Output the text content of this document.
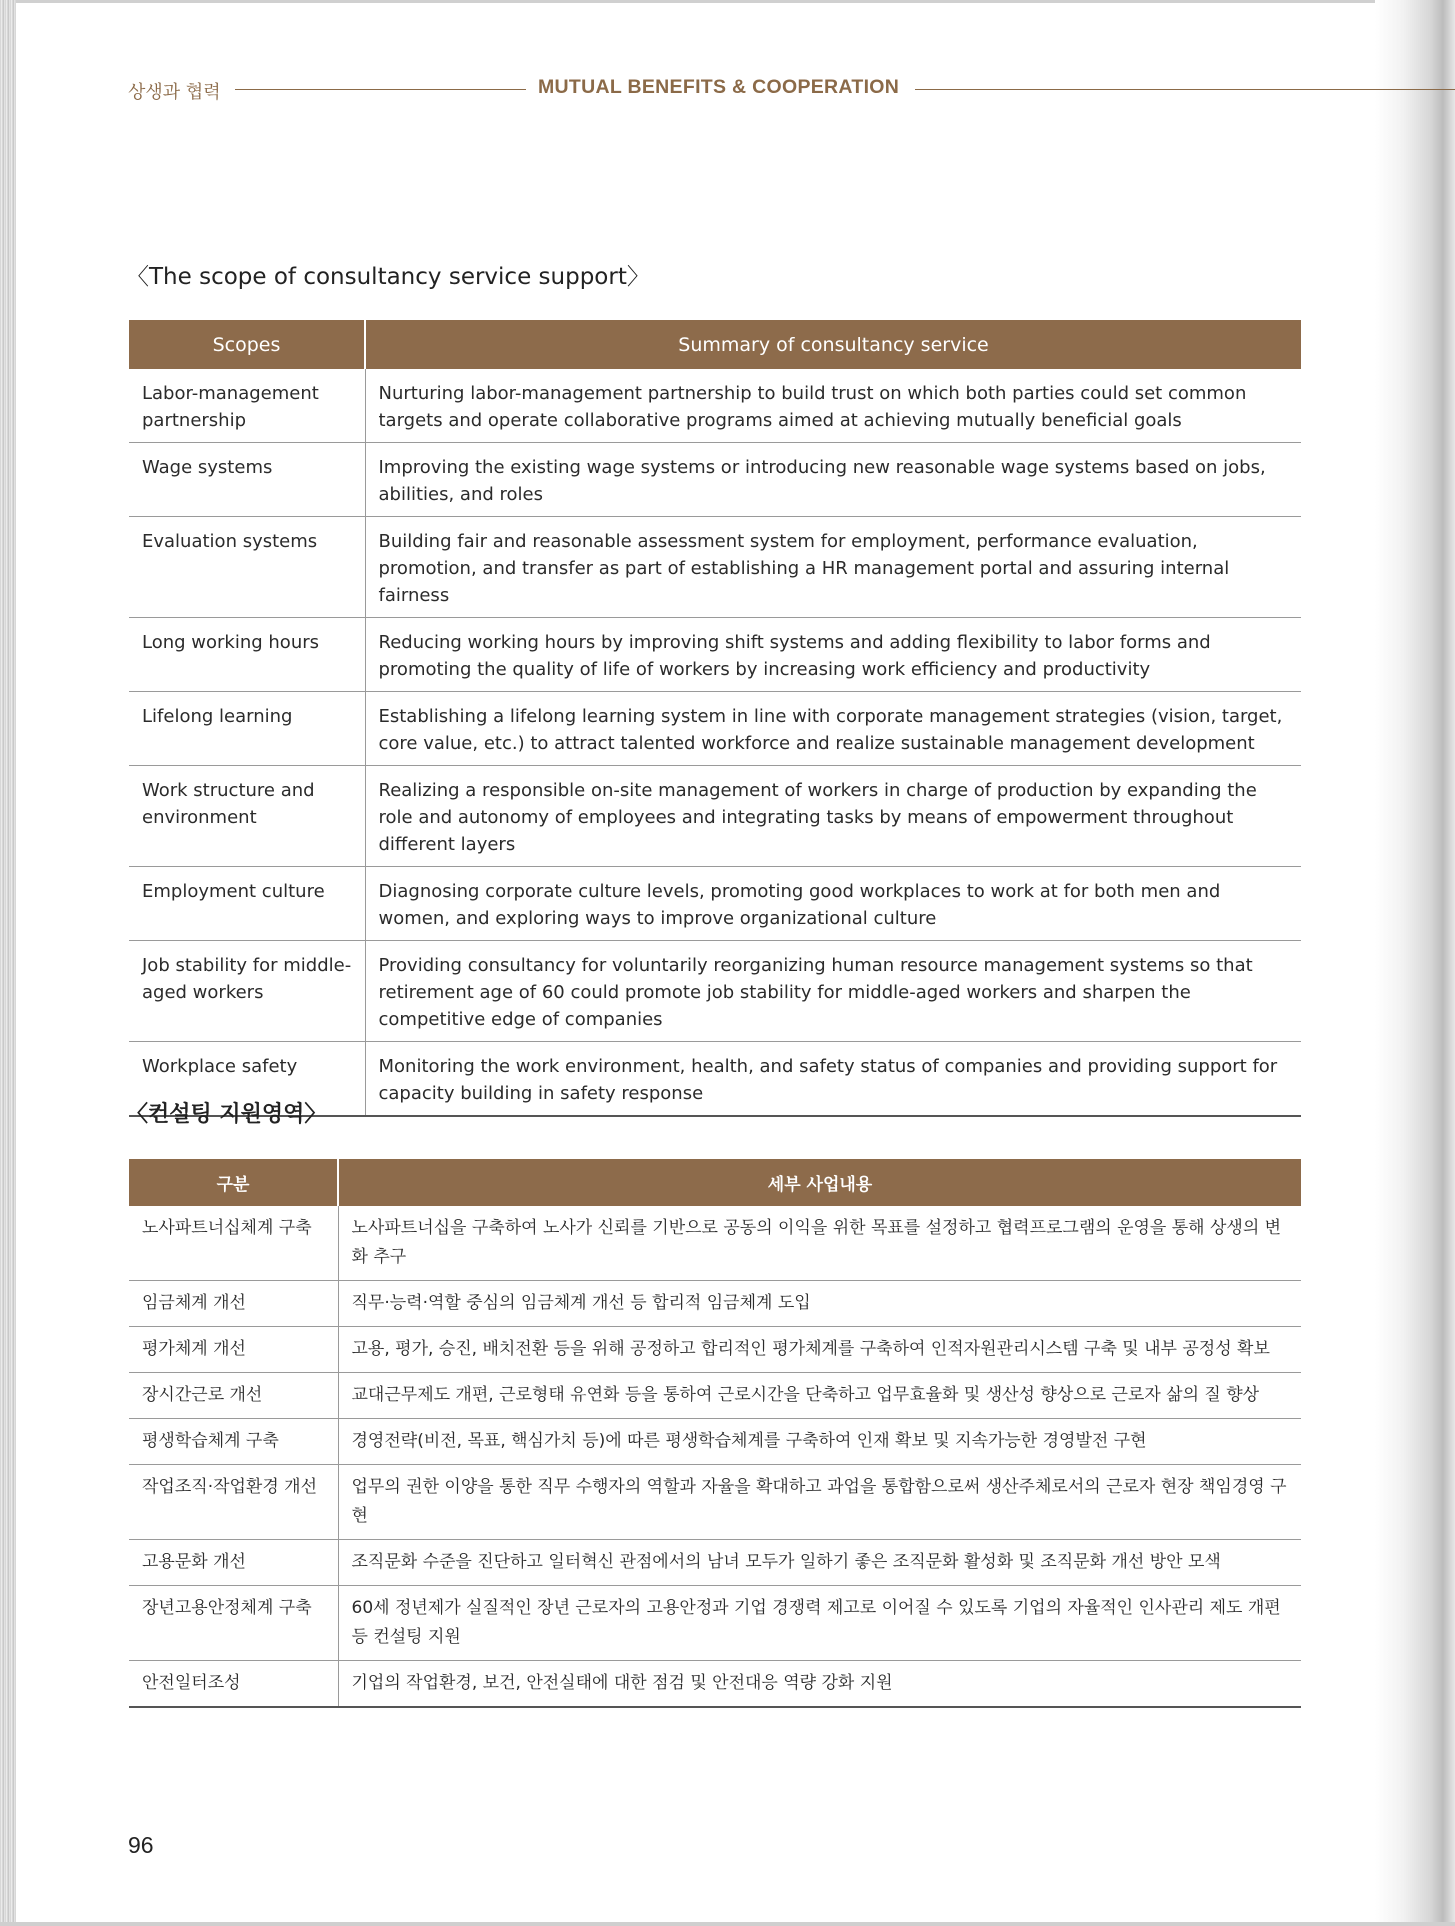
상생과 협력	MUTUAL BENEFITS & COOPERATION
〈The scope of consultancy service support〉
Scopes	Summary of consultancy service
Labor-management partnership	Nurturing labor-management partnership to build trust on which both parties could set common targets and operate collaborative programs aimed at achieving mutually beneficial goals
Wage systems	Improving the existing wage systems or introducing new reasonable wage systems based on jobs, abilities, and roles
Evaluation systems	Building fair and reasonable assessment system for employment, performance evaluation, promotion, and transfer as part of establishing a HR management portal and assuring internal fairness
Long working hours	Reducing working hours by improving shift systems and adding flexibility to labor forms and promoting the quality of life of workers by increasing work efficiency and productivity
Lifelong learning	Establishing a lifelong learning system in line with corporate management strategies (vision, target, core value, etc.) to attract talented workforce and realize sustainable management development
Work structure and environment	Realizing a responsible on-site management of workers in charge of production by expanding the role and autonomy of employees and integrating tasks by means of empowerment throughout different layers
Employment culture	Diagnosing corporate culture levels, promoting good workplaces to work at for both men and women, and exploring ways to improve organizational culture
Job stability for middle-aged workers	Providing consultancy for voluntarily reorganizing human resource management systems so that retirement age of 60 could promote job stability for middle-aged workers and sharpen the competitive edge of companies
Workplace safety	Monitoring the work environment, health, and safety status of companies and providing support for capacity building in safety response
〈컨설팅 지원영역〉
구분	세부 사업내용
노사파트너십체계 구축	노사파트너십을 구축하여 노사가 신뢰를 기반으로 공동의 이익을 위한 목표를 설정하고 협력프로그램의 운영을 통해 상생의 변화 추구
임금체계 개선	직무·능력·역할 중심의 임금체계 개선 등 합리적 임금체계 도입
평가체계 개선	고용, 평가, 승진, 배치전환 등을 위해 공정하고 합리적인 평가체계를 구축하여 인적자원관리시스템 구축 및 내부 공정성 확보
장시간근로 개선	교대근무제도 개편, 근로형태 유연화 등을 통하여 근로시간을 단축하고 업무효율화 및 생산성 향상으로 근로자 삶의 질 향상
평생학습체계 구축	경영전략(비전, 목표, 핵심가치 등)에 따른 평생학습체계를 구축하여 인재 확보 및 지속가능한 경영발전 구현
작업조직·작업환경 개선	업무의 권한 이양을 통한 직무 수행자의 역할과 자율을 확대하고 과업을 통합함으로써 생산주체로서의 근로자 현장 책임경영 구현
고용문화 개선	조직문화 수준을 진단하고 일터혁신 관점에서의 남녀 모두가 일하기 좋은 조직문화 활성화 및 조직문화 개선 방안 모색
장년고용안정체계 구축	60세 정년제가 실질적인 장년 근로자의 고용안정과 기업 경쟁력 제고로 이어질 수 있도록 기업의 자율적인 인사관리 제도 개편 등 컨설팅 지원
안전일터조성	기업의 작업환경, 보건, 안전실태에 대한 점검 및 안전대응 역량 강화 지원
96
